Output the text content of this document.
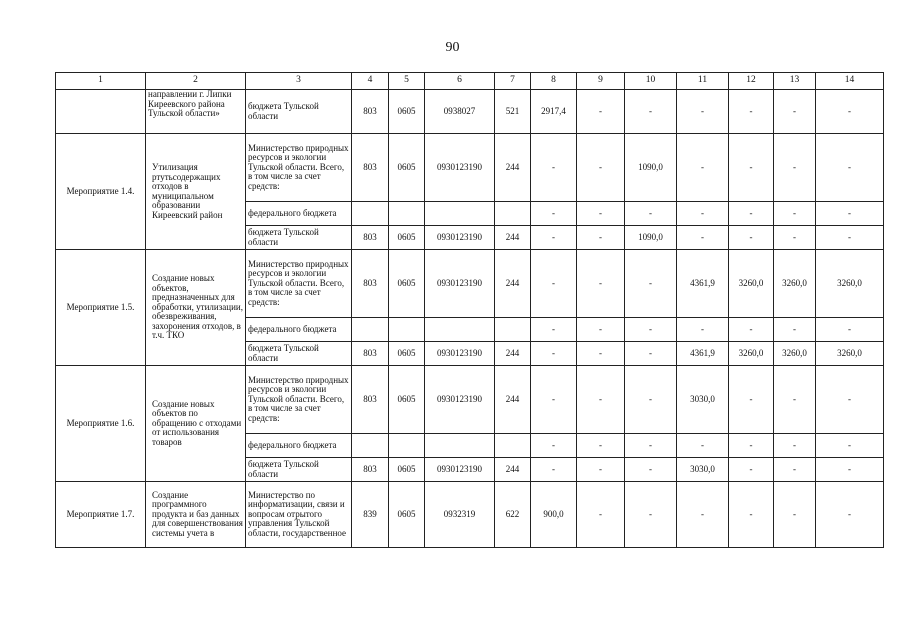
90
1	2	3	4	5	6	7	8	9	10	11	12	13	14
	направлении г. Липки Киреевского района Тульской области»	бюджета Тульской области	803	0605	0938027	521	2917,4	-	-	-	-	-	-
Мероприятие 1.4.	Утилизация ртутьсодержащих отходов в муниципальном образовании Киреевский район	Министерство природных ресурсов и экологии Тульской области. Всего, в том числе за счет средств:	803	0605	0930123190	244	-	-	1090,0	-	-	-	-
		федерального бюджета					-	-	-	-	-	-	-
		бюджета Тульской области	803	0605	0930123190	244	-	-	1090,0	-	-	-	-
Мероприятие 1.5.	Создание новых объектов, предназначенных для обработки, утилизации, обезвреживания, захоронения отходов, в т.ч. ТКО	Министерство природных ресурсов и экологии Тульской области. Всего, в том числе за счет средств:	803	0605	0930123190	244	-	-	-	4361,9	3260,0	3260,0	3260,0
		федерального бюджета					-	-	-	-	-	-	-
		бюджета Тульской области	803	0605	0930123190	244	-	-	-	4361,9	3260,0	3260,0	3260,0
Мероприятие 1.6.	Создание новых объектов по обращению с отходами от использования товаров	Министерство природных ресурсов и экологии Тульской области. Всего, в том числе за счет средств:	803	0605	0930123190	244	-	-	-	3030,0	-	-	-
		федерального бюджета					-	-	-	-	-	-	-
		бюджета Тульской области	803	0605	0930123190	244	-	-	-	3030,0	-	-	-
Мероприятие 1.7.	Создание программного продукта и баз данных для совершенствования системы учета в	Министерство по информатизации, связи и вопросам отрытого управления Тульской области, государственное	839	0605	0932319	622	900,0	-	-	-	-	-	-
